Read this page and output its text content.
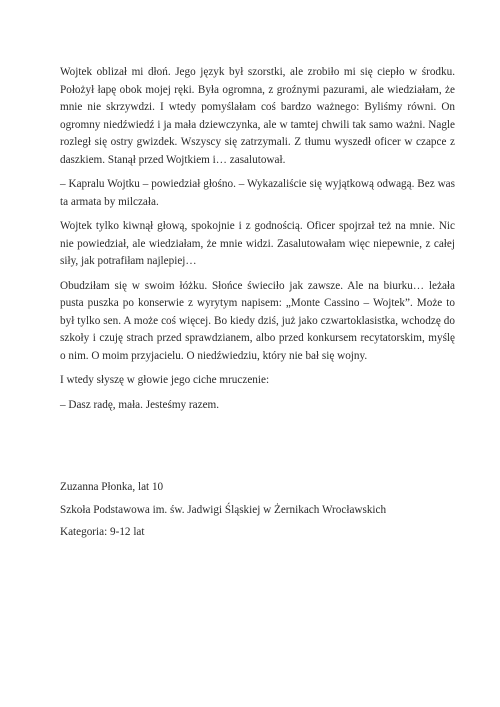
Wojtek oblizał mi dłoń. Jego język był szorstki, ale zrobiło mi się ciepło w środku. Położył łapę obok mojej ręki. Była ogromna, z groźnymi pazurami, ale wiedziałam, że mnie nie skrzywdzi. I wtedy pomyślałam coś bardzo ważnego: Byliśmy równi. On ogromny niedźwiedź i ja mała dziewczynka, ale w tamtej chwili tak samo ważni. Nagle rozległ się ostry gwizdek. Wszyscy się zatrzymali. Z tłumu wyszedł oficer w czapce z daszkiem. Stanął przed Wojtkiem i… zasalutował.

– Kapralu Wojtku – powiedział głośno. – Wykazaliście się wyjątkową odwagą. Bez was ta armata by milczała.

Wojtek tylko kiwnął głową, spokojnie i z godnością. Oficer spojrzał też na mnie. Nic nie powiedział, ale wiedziałam, że mnie widzi. Zasalutowałam więc niepewnie, z całej siły, jak potrafiłam najlepiej…

Obudziłam się w swoim łóżku. Słońce świeciło jak zawsze. Ale na biurku… leżała pusta puszka po konserwie z wyrytym napisem: „Monte Cassino – Wojtek”. Może to był tylko sen. A może coś więcej. Bo kiedy dziś, już jako czwartoklasistka, wchodzę do szkoły i czuję strach przed sprawdzianem, albo przed konkursem recytatorskim, myślę o nim. O moim przyjacielu. O niedźwiedziu, który nie bał się wojny.

I wtedy słyszę w głowie jego ciche mruczenie:

– Dasz radę, mała. Jesteśmy razem.

Zuzanna Płonka, lat 10
Szkoła Podstawowa im. św. Jadwigi Śląskiej w Żernikach Wrocławskich
Kategoria: 9-12 lat
